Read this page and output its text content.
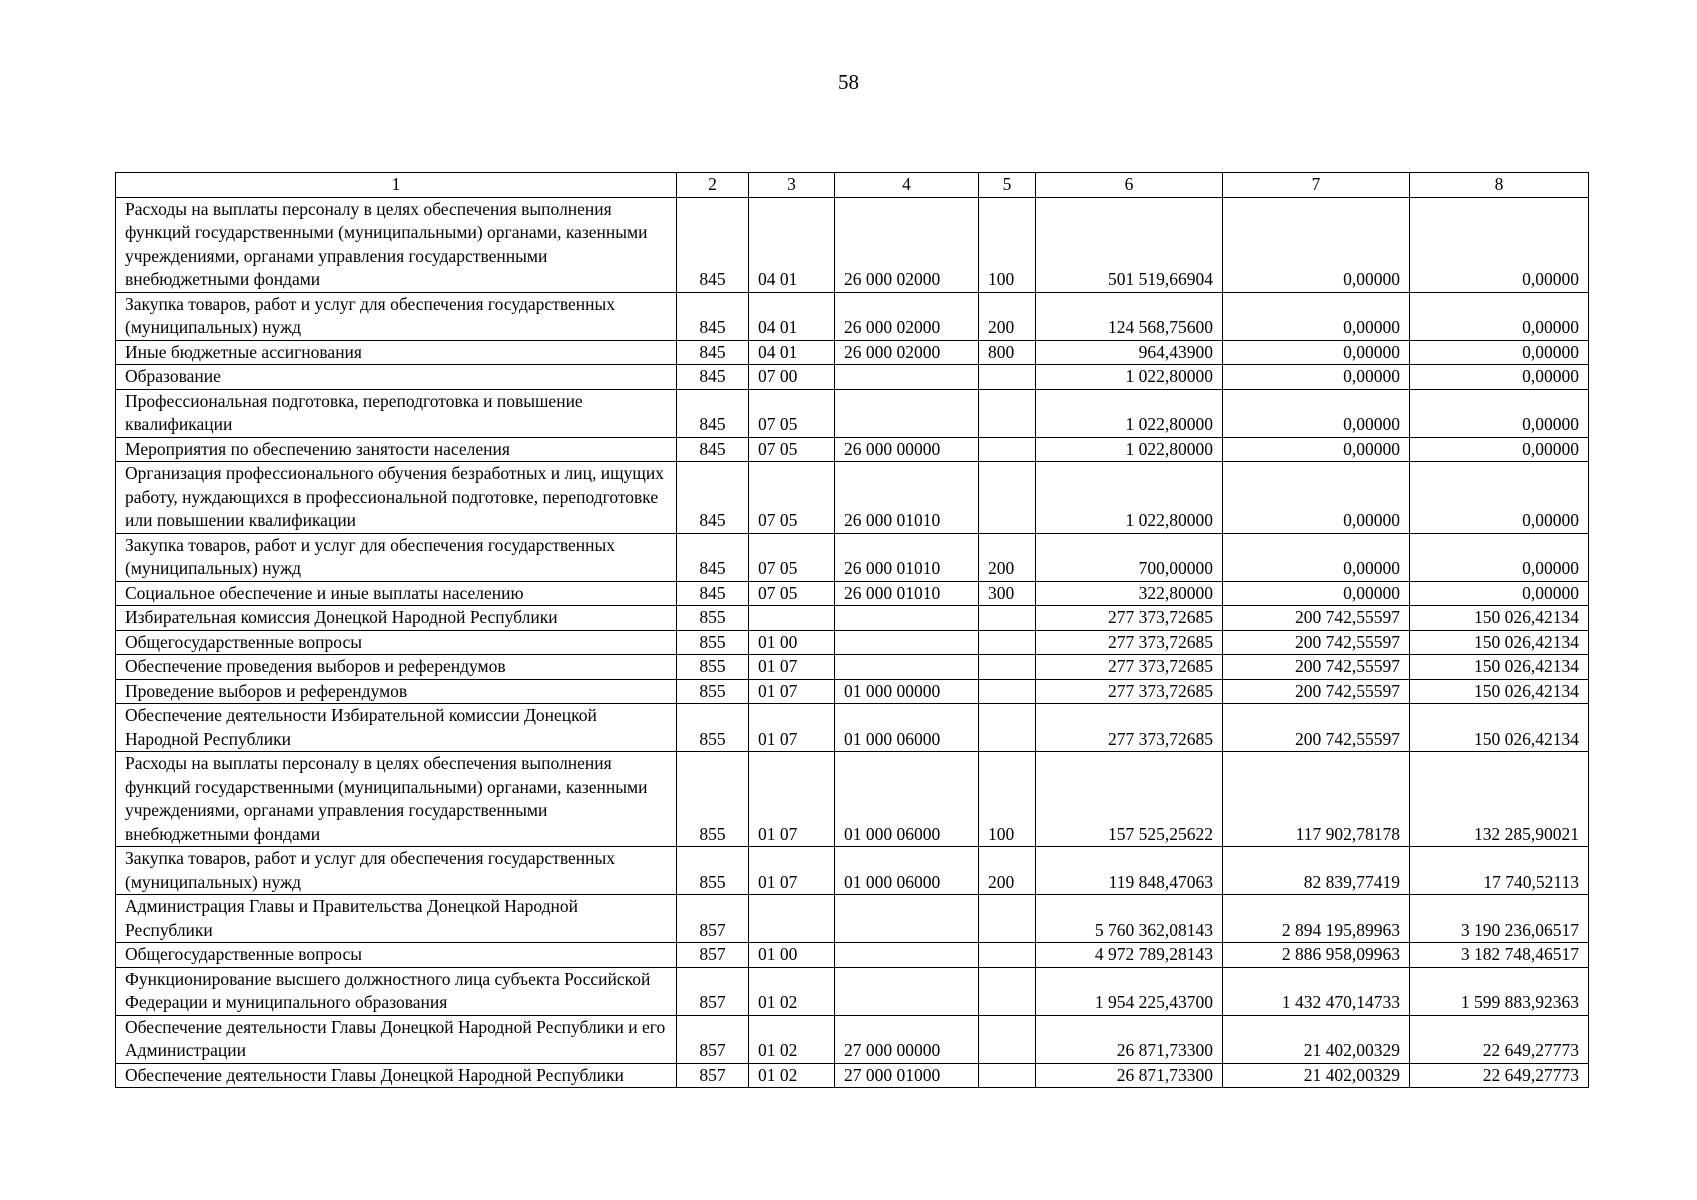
58
1	2	3	4	5	6	7	8
Расходы на выплаты персоналу в целях обеспечения выполнения функций государственными (муниципальными) органами, казенными учреждениями, органами управления государственными внебюджетными фондами	845	04 01	26 000 02000	100	501 519,66904	0,00000	0,00000
Закупка товаров, работ и услуг для обеспечения государственных (муниципальных) нужд	845	04 01	26 000 02000	200	124 568,75600	0,00000	0,00000
Иные бюджетные ассигнования	845	04 01	26 000 02000	800	964,43900	0,00000	0,00000
Образование	845	07 00			1 022,80000	0,00000	0,00000
Профессиональная подготовка, переподготовка и повышение квалификации	845	07 05			1 022,80000	0,00000	0,00000
Мероприятия по обеспечению занятости населения	845	07 05	26 000 00000		1 022,80000	0,00000	0,00000
Организация профессионального обучения безработных и лиц, ищущих работу, нуждающихся в профессиональной подготовке, переподготовке или повышении квалификации	845	07 05	26 000 01010		1 022,80000	0,00000	0,00000
Закупка товаров, работ и услуг для обеспечения государственных (муниципальных) нужд	845	07 05	26 000 01010	200	700,00000	0,00000	0,00000
Социальное обеспечение и иные выплаты населению	845	07 05	26 000 01010	300	322,80000	0,00000	0,00000
Избирательная комиссия Донецкой Народной Республики	855				277 373,72685	200 742,55597	150 026,42134
Общегосударственные вопросы	855	01 00			277 373,72685	200 742,55597	150 026,42134
Обеспечение проведения выборов и референдумов	855	01 07			277 373,72685	200 742,55597	150 026,42134
Проведение выборов и референдумов	855	01 07	01 000 00000		277 373,72685	200 742,55597	150 026,42134
Обеспечение деятельности Избирательной комиссии Донецкой Народной Республики	855	01 07	01 000 06000		277 373,72685	200 742,55597	150 026,42134
Расходы на выплаты персоналу в целях обеспечения выполнения функций государственными (муниципальными) органами, казенными учреждениями, органами управления государственными внебюджетными фондами	855	01 07	01 000 06000	100	157 525,25622	117 902,78178	132 285,90021
Закупка товаров, работ и услуг для обеспечения государственных (муниципальных) нужд	855	01 07	01 000 06000	200	119 848,47063	82 839,77419	17 740,52113
Администрация Главы и Правительства Донецкой Народной Республики	857				5 760 362,08143	2 894 195,89963	3 190 236,06517
Общегосударственные вопросы	857	01 00			4 972 789,28143	2 886 958,09963	3 182 748,46517
Функционирование высшего должностного лица субъекта Российской Федерации и муниципального образования	857	01 02			1 954 225,43700	1 432 470,14733	1 599 883,92363
Обеспечение деятельности Главы Донецкой Народной Республики и его Администрации	857	01 02	27 000 00000		26 871,73300	21 402,00329	22 649,27773
Обеспечение деятельности Главы Донецкой Народной Республики	857	01 02	27 000 01000		26 871,73300	21 402,00329	22 649,27773
